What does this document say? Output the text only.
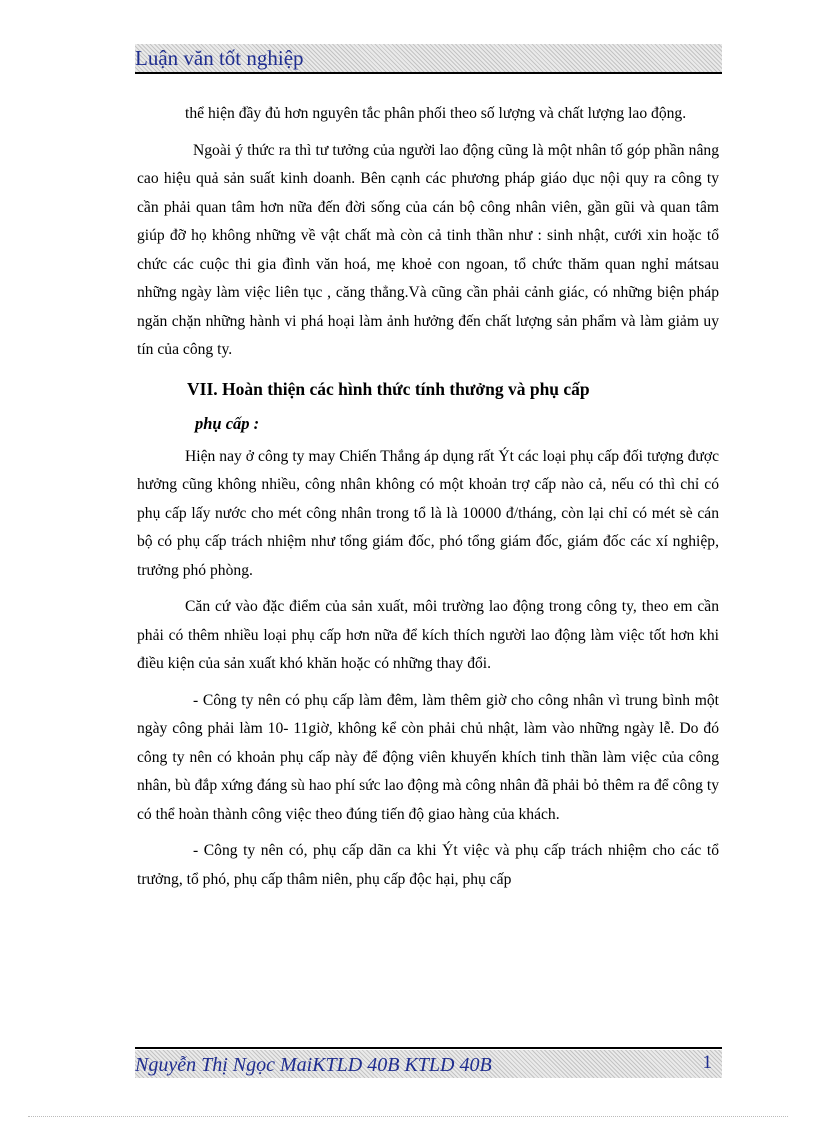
Luận văn tốt nghiệp

thể hiện đầy đủ hơn nguyên tắc phân phối theo số lượng và chất lượng lao động.

Ngoài ý thức ra thì tư tưởng của người lao động cũng là một nhân tố góp phần nâng cao hiệu quả sản suất kinh doanh. Bên cạnh các phương pháp giáo dục nội quy ra công ty cần phải quan tâm hơn nữa đến đời sống của cán bộ công nhân viên, gần gũi và quan tâm giúp đỡ họ không những về vật chất mà còn cả tinh thần như : sinh nhật, cưới xin hoặc tổ chức các cuộc thi gia đình văn hoá, mẹ khoẻ con ngoan, tổ chức thăm quan nghỉ mátsau những ngày làm việc liên tục , căng thẳng.Và cũng cần phải cảnh giác, có những biện pháp ngăn chặn những hành vi phá hoại làm ảnh hưởng đến chất lượng sản phẩm và làm giảm uy tín của công ty.

VII. Hoàn thiện các hình thức tính thưởng và phụ cấp

phụ cấp :

Hiện nay ở công ty may Chiến Thắng áp dụng rất Ýt các loại phụ cấp đối tượng được hưởng cũng không nhiều, công nhân không có một khoản trợ cấp nào cả, nếu có thì chỉ có phụ cấp lấy nước cho mét công nhân trong tổ là là 10000 đ/tháng, còn lại chỉ có mét sè cán bộ có phụ cấp trách nhiệm như tổng giám đốc, phó tổng giám đốc, giám đốc các xí nghiệp, trưởng phó phòng.

Căn cứ vào đặc điểm của sản xuất, môi trường lao động trong công ty, theo em cần phải có thêm nhiều loại phụ cấp hơn nữa để kích thích người lao động làm việc tốt hơn khi điều kiện của sản xuất khó khăn hoặc có những thay đổi.

- Công ty nên có phụ cấp làm đêm, làm thêm giờ cho công nhân vì trung bình một ngày công phải làm 10- 11giờ, không kể còn phải chủ nhật, làm vào những ngày lễ. Do đó công ty nên có khoản phụ cấp này để động viên khuyến khích tinh thần làm việc của công nhân, bù đắp xứng đáng sù hao phí sức lao động mà công nhân đã phải bỏ thêm ra để công ty có thể hoàn thành công việc theo đúng tiến độ giao hàng của khách.

- Công ty nên có, phụ cấp dãn ca khi Ýt việc và phụ cấp trách nhiệm cho các tổ trưởng, tổ phó, phụ cấp thâm niên, phụ cấp độc hại, phụ cấp

Nguyễn Thị Ngọc MaiKTLD 40B KTLD 40B	1
